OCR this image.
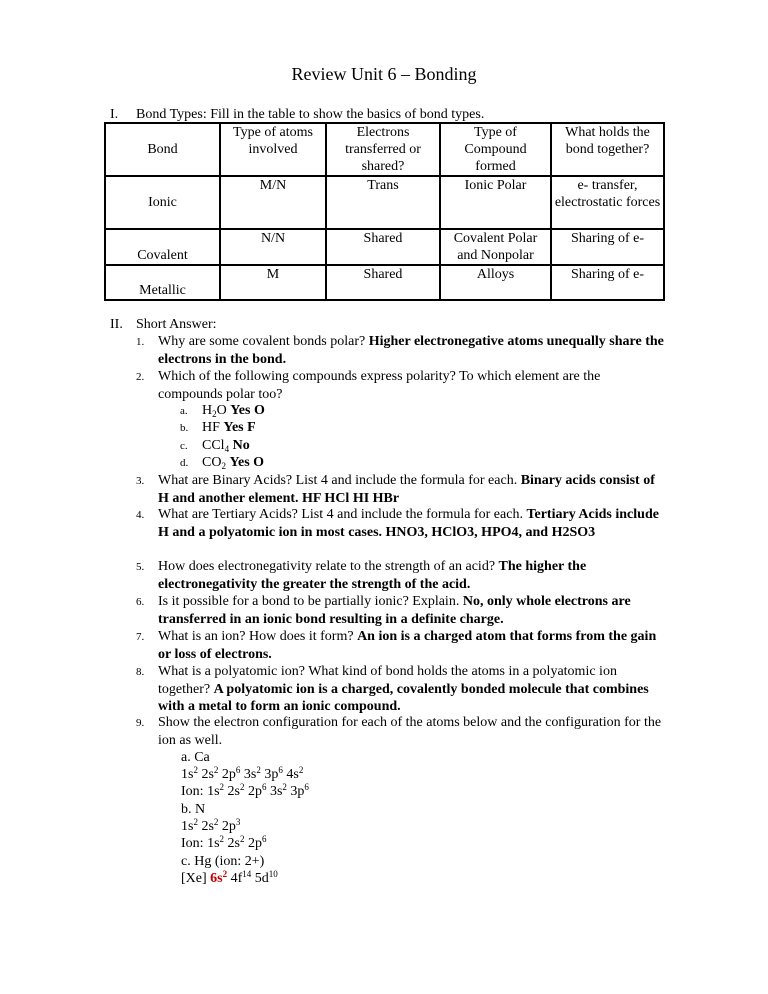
Review Unit 6 – Bonding
I. Bond Types: Fill in the table to show the basics of bond types.
Bond	Type of atoms involved	Electrons transferred or shared?	Type of Compound formed	What holds the bond together?
Ionic	M/N	Trans	Ionic Polar	e- transfer, electrostatic forces
Covalent	N/N	Shared	Covalent Polar and Nonpolar	Sharing of e-
Metallic	M	Shared	Alloys	Sharing of e-
II. Short Answer:
1. Why are some covalent bonds polar? Higher electronegative atoms unequally share the electrons in the bond.
2. Which of the following compounds express polarity? To which element are the compounds polar too?
a. $H_2O$ Yes O
b. HF Yes F
c. CCl$_4$ No
d. $CO_2$ Yes O
3. What are Binary Acids? List 4 and include the formula for each. Binary acids consist of H and another element. HF HCl HI HBr
4. What are Tertiary Acids? List 4 and include the formula for each. Tertiary Acids include H and a polyatomic ion in most cases. HNO3, HClO3, HPO4, and H2SO3
5. How does electronegativity relate to the strength of an acid? The higher the electronegativity the greater the strength of the acid.
6. Is it possible for a bond to be partially ionic? Explain. No, only whole electrons are transferred in an ionic bond resulting in a definite charge.
7. What is an ion? How does it form? An ion is a charged atom that forms from the gain or loss of electrons.
8. What is a polyatomic ion? What kind of bond holds the atoms in a polyatomic ion together? A polyatomic ion is a charged, covalently bonded molecule that combines with a metal to form an ionic compound.
9. Show the electron configuration for each of the atoms below and the configuration for the ion as well.
a. Ca
$1s^2$ $2s^2$ $2p^6$ $3s^2$ $3p^6$ $4s^2$
Ion: $1s^2$ $2s^2$ $2p^6$ $3s^2$ $3p^6$
b. N
$1s^2$ $2s^2$ $2p^3$
Ion: $1s^2$ $2s^2$ $2p^6$
c. Hg (ion: 2+)
[Xe] $6s^2$ $4f^{14}$ $5d^{10}$
